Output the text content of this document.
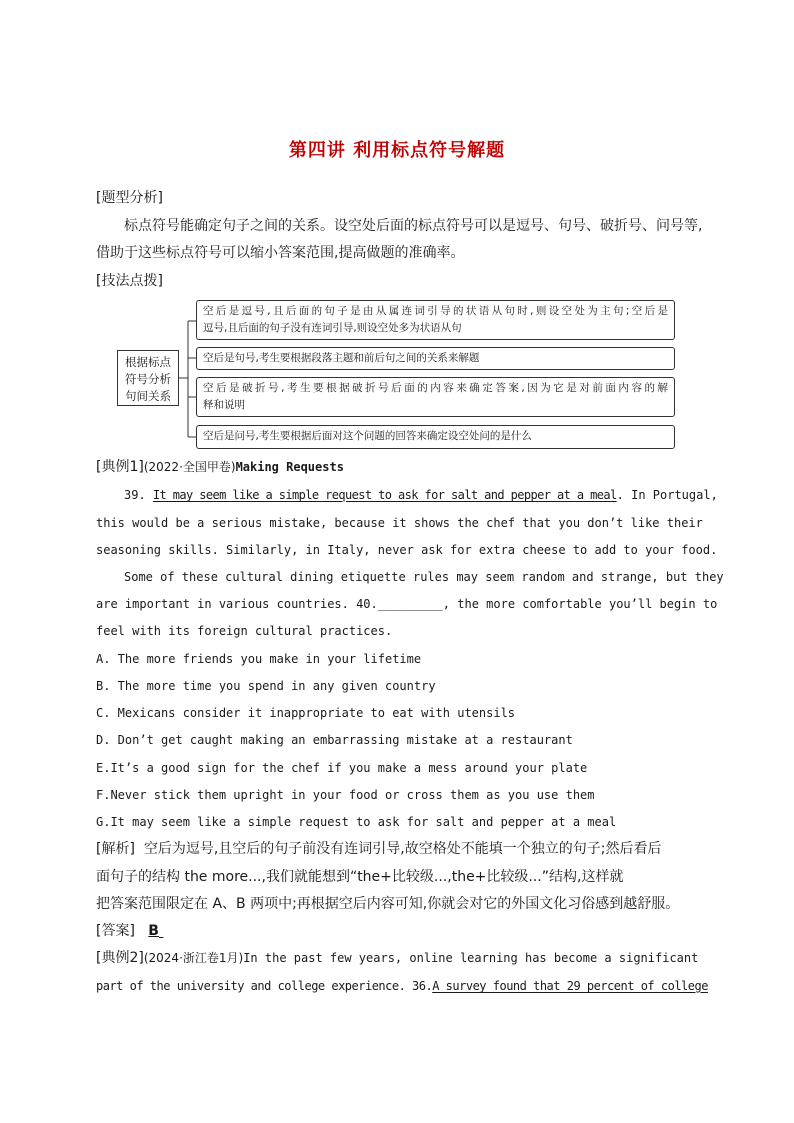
第四讲 利用标点符号解题
[题型分析]
标点符号能确定句子之间的关系。设空处后面的标点符号可以是逗号、句号、破折号、问号等,
借助于这些标点符号可以缩小答案范围,提高做题的准确率。
[技法点拨]
根据标点
符号分析
句间关系
空后是逗号,且后面的句子是由从属连词引导的状语从句时,则设空处为主句;空后是
逗号,且后面的句子没有连词引导,则设空处多为状语从句
空后是句号,考生要根据段落主题和前后句之间的关系来解题
空后是破折号,考生要根据破折号后面的内容来确定答案,因为它是对前面内容的解
释和说明
空后是问号,考生要根据后面对这个问题的回答来确定设空处问的是什么
[典例1](2022·全国甲卷)Making Requests
39. It may seem like a simple request to ask for salt and pepper at a meal. In Portugal,
this would be a serious mistake, because it shows the chef that you don’t like their
seasoning skills. Similarly, in Italy, never ask for extra cheese to add to your food.
Some of these cultural dining etiquette rules may seem random and strange, but they
are important in various countries. 40._________, the more comfortable you’ll begin to
feel with its foreign cultural practices.
A. The more friends you make in your lifetime
B. The more time you spend in any given country
C. Mexicans consider it inappropriate to eat with utensils
D. Don’t get caught making an embarrassing mistake at a restaurant
E.It’s a good sign for the chef if you make a mess around your plate
F.Never stick them upright in your food or cross them as you use them
G.It may seem like a simple request to ask for salt and pepper at a meal
[解析] 空后为逗号,且空后的句子前没有连词引导,故空格处不能填一个独立的句子;然后看后
面句子的结构 the more...,我们就能想到“the+比较级...,the+比较级...”结构,这样就
把答案范围限定在 A、B 两项中;再根据空后内容可知,你就会对它的外国文化习俗感到越舒服。
[答案] B
[典例2](2024·浙江卷1月)In the past few years, online learning has become a significant
part of the university and college experience. 36.A survey found that 29 percent of college
